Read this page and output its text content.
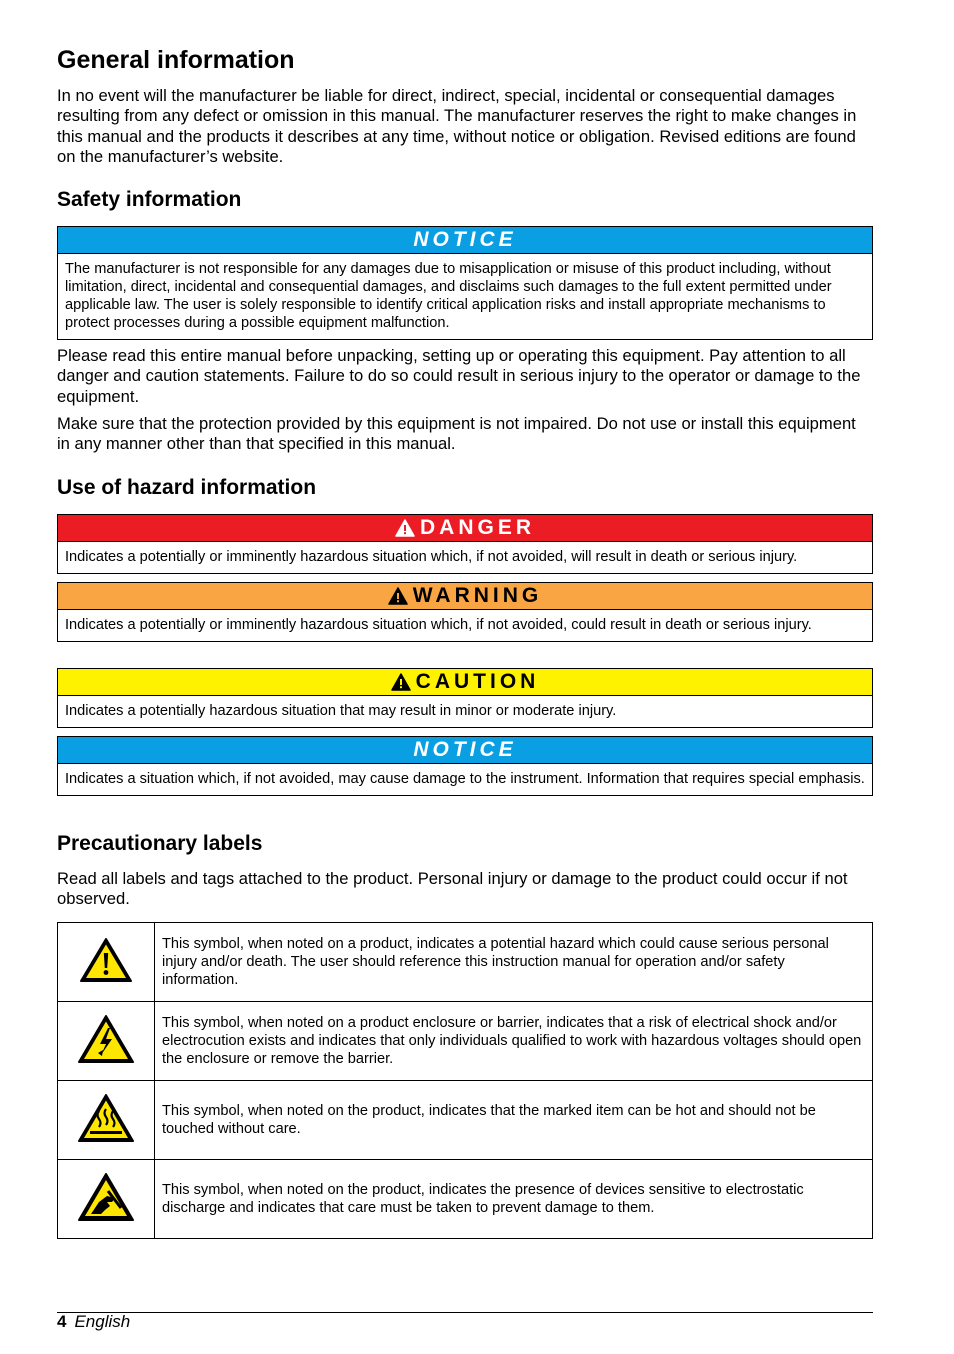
General information

In no event will the manufacturer be liable for direct, indirect, special, incidental or consequential damages resulting from any defect or omission in this manual. The manufacturer reserves the right to make changes in this manual and the products it describes at any time, without notice or obligation. Revised editions are found on the manufacturer’s website.

Safety information
NOTICE
The manufacturer is not responsible for any damages due to misapplication or misuse of this product including, without limitation, direct, incidental and consequential damages, and disclaims such damages to the full extent permitted under applicable law. The user is solely responsible to identify critical application risks and install appropriate mechanisms to protect processes during a possible equipment malfunction.

Please read this entire manual before unpacking, setting up or operating this equipment. Pay attention to all danger and caution statements. Failure to do so could result in serious injury to the operator or damage to the equipment.

Make sure that the protection provided by this equipment is not impaired. Do not use or install this equipment in any manner other than that specified in this manual.

Use of hazard information
DANGER
Indicates a potentially or imminently hazardous situation which, if not avoided, will result in death or serious injury.
WARNING
Indicates a potentially or imminently hazardous situation which, if not avoided, could result in death or serious injury.
CAUTION
Indicates a potentially hazardous situation that may result in minor or moderate injury.
NOTICE
Indicates a situation which, if not avoided, may cause damage to the instrument. Information that requires special emphasis.
Precautionary labels

Read all labels and tags attached to the product. Personal injury or damage to the product could occur if not observed.

	This symbol, when noted on a product, indicates a potential hazard which could cause serious personal injury and/or death. The user should reference this instruction manual for operation and/or safety information.
	This symbol, when noted on a product enclosure or barrier, indicates that a risk of electrical shock and/or electrocution exists and indicates that only individuals qualified to work with hazardous voltages should open the enclosure or remove the barrier.
	This symbol, when noted on the product, indicates that the marked item can be hot and should not be touched without care.
	This symbol, when noted on the product, indicates the presence of devices sensitive to electrostatic discharge and indicates that care must be taken to prevent damage to them.
4 English
